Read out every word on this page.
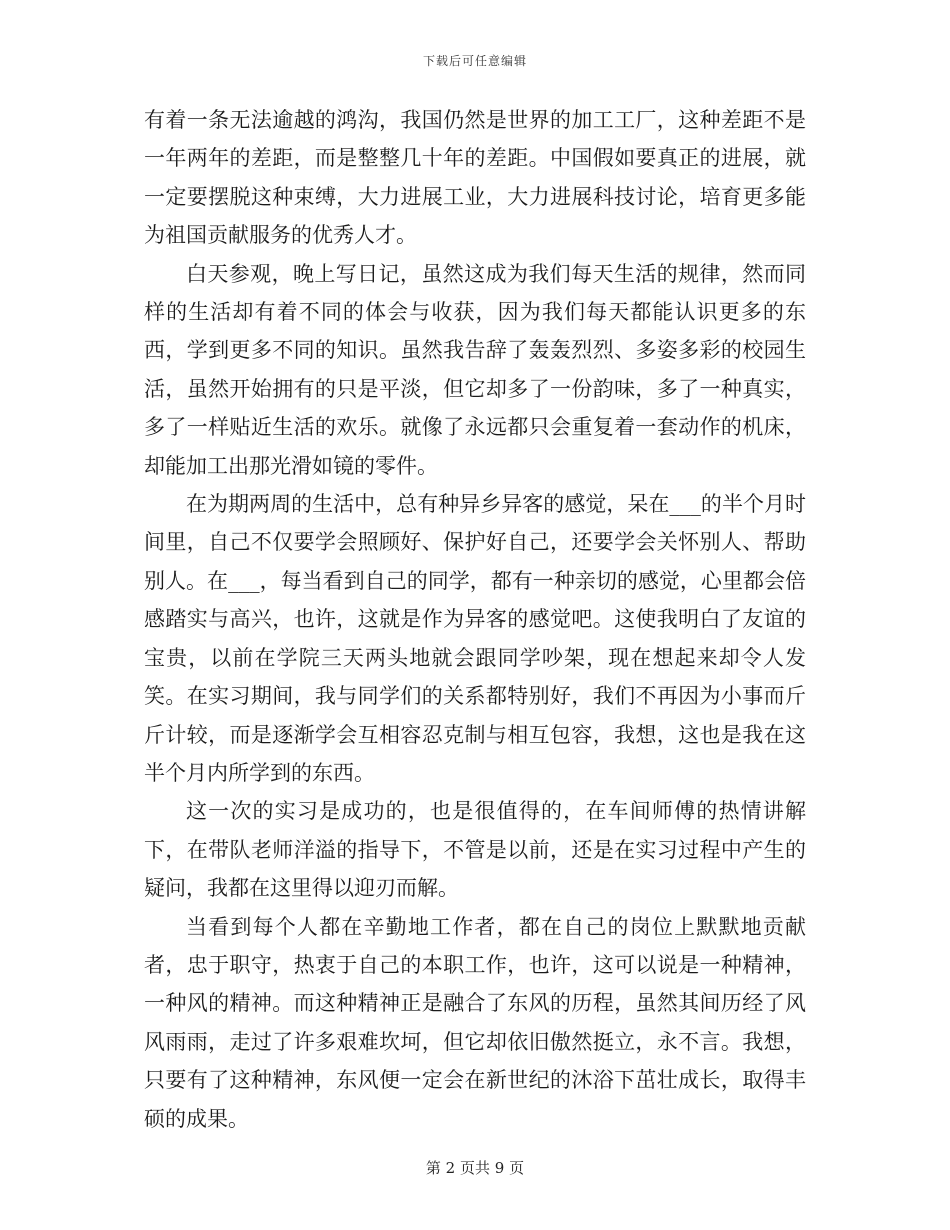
下载后可任意编辑

有着一条无法逾越的鸿沟，我国仍然是世界的加工工厂，这种差距不是一年两年的差距，而是整整几十年的差距。中国假如要真正的进展，就一定要摆脱这种束缚，大力进展工业，大力进展科技讨论，培育更多能为祖国贡献服务的优秀人才。

白天参观，晚上写日记，虽然这成为我们每天生活的规律，然而同样的生活却有着不同的体会与收获，因为我们每天都能认识更多的东西，学到更多不同的知识。虽然我告辞了轰轰烈烈、多姿多彩的校园生活，虽然开始拥有的只是平淡，但它却多了一份韵味，多了一种真实，多了一样贴近生活的欢乐。就像了永远都只会重复着一套动作的机床，却能加工出那光滑如镜的零件。

在为期两周的生活中，总有种异乡异客的感觉，呆在___的半个月时间里，自己不仅要学会照顾好、保护好自己，还要学会关怀别人、帮助别人。在___，每当看到自己的同学，都有一种亲切的感觉，心里都会倍感踏实与高兴，也许，这就是作为异客的感觉吧。这使我明白了友谊的宝贵，以前在学院三天两头地就会跟同学吵架，现在想起来却令人发笑。在实习期间，我与同学们的关系都特别好，我们不再因为小事而斤斤计较，而是逐渐学会互相容忍克制与相互包容，我想，这也是我在这半个月内所学到的东西。

这一次的实习是成功的，也是很值得的，在车间师傅的热情讲解下，在带队老师洋溢的指导下，不管是以前，还是在实习过程中产生的疑问，我都在这里得以迎刃而解。

当看到每个人都在辛勤地工作者，都在自己的岗位上默默地贡献者，忠于职守，热衷于自己的本职工作，也许，这可以说是一种精神，一种风的精神。而这种精神正是融合了东风的历程，虽然其间历经了风风雨雨，走过了许多艰难坎坷，但它却依旧傲然挺立，永不言。我想，只要有了这种精神，东风便一定会在新世纪的沐浴下茁壮成长，取得丰硕的成果。

第 2 页共 9 页
